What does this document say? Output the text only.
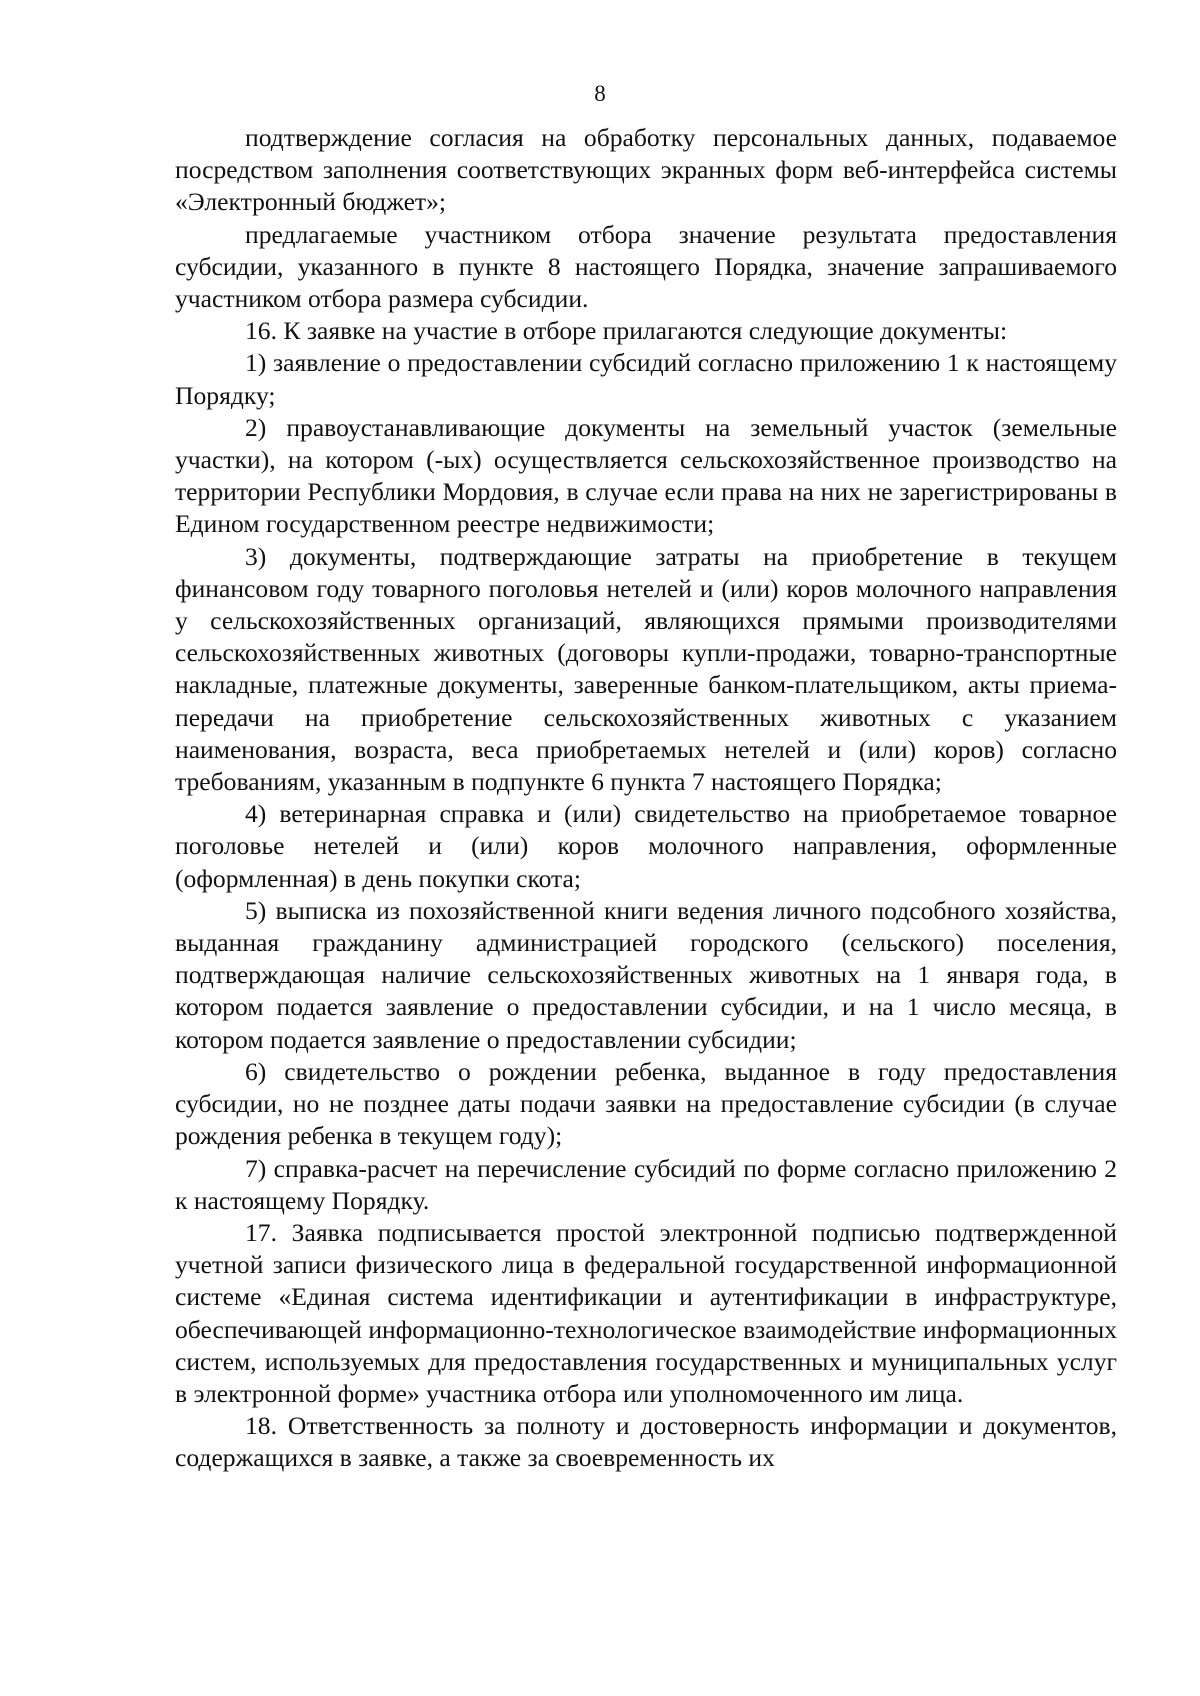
8

подтверждение согласия на обработку персональных данных, подаваемое посредством заполнения соответствующих экранных форм веб-интерфейса системы «Электронный бюджет»;

предлагаемые участником отбора значение результата предоставления субсидии, указанного в пункте 8 настоящего Порядка, значение запрашиваемого участником отбора размера субсидии.

16. К заявке на участие в отборе прилагаются следующие документы:

1) заявление о предоставлении субсидий согласно приложению 1 к настоящему Порядку;

2) правоустанавливающие документы на земельный участок (земельные участки), на котором (-ых) осуществляется сельскохозяйственное производство на территории Республики Мордовия, в случае если права на них не зарегистрированы в Едином государственном реестре недвижимости;

3) документы, подтверждающие затраты на приобретение в текущем финансовом году товарного поголовья нетелей и (или) коров молочного направления у сельскохозяйственных организаций, являющихся прямыми производителями сельскохозяйственных животных (договоры купли-продажи, товарно-транспортные накладные, платежные документы, заверенные банком-плательщиком, акты приема-передачи на приобретение сельскохозяйственных животных с указанием наименования, возраста, веса приобретаемых нетелей и (или) коров) согласно требованиям, указанным в подпункте 6 пункта 7 настоящего Порядка;

4) ветеринарная справка и (или) свидетельство на приобретаемое товарное поголовье нетелей и (или) коров молочного направления, оформленные (оформленная) в день покупки скота;

5) выписка из похозяйственной книги ведения личного подсобного хозяйства, выданная гражданину администрацией городского (сельского) поселения, подтверждающая наличие сельскохозяйственных животных на 1 января года, в котором подается заявление о предоставлении субсидии, и на 1 число месяца, в котором подается заявление о предоставлении субсидии;

6) свидетельство о рождении ребенка, выданное в году предоставления субсидии, но не позднее даты подачи заявки на предоставление субсидии (в случае рождения ребенка в текущем году);

7) справка-расчет на перечисление субсидий по форме согласно приложению 2 к настоящему Порядку.

17. Заявка подписывается простой электронной подписью подтвержденной учетной записи физического лица в федеральной государственной информационной системе «Единая система идентификации и аутентификации в инфраструктуре, обеспечивающей информационно-технологическое взаимодействие информационных систем, используемых для предоставления государственных и муниципальных услуг в электронной форме» участника отбора или уполномоченного им лица.

18. Ответственность за полноту и достоверность информации и документов, содержащихся в заявке, а также за своевременность их
